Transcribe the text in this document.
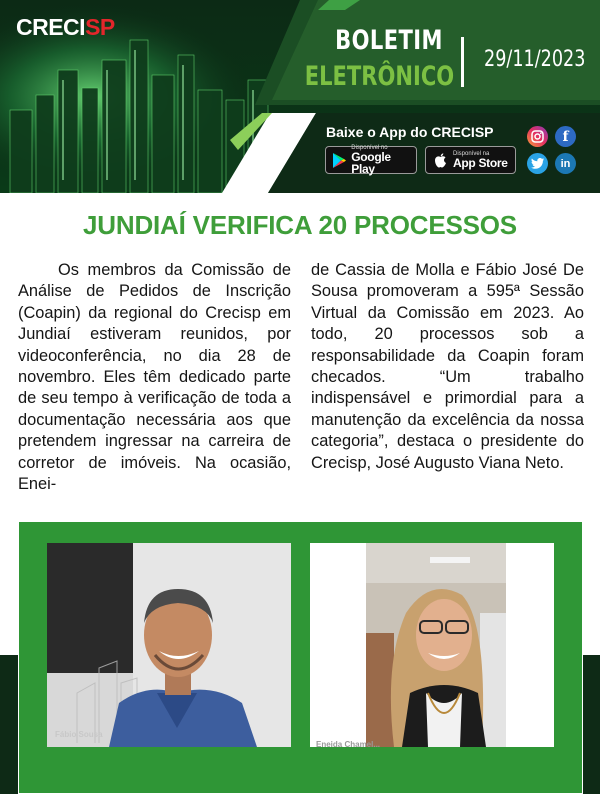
CRECISP	BOLETIM
ELETRÔNICO
29/11/2023
Baixe o App do CRECISP
Disponível no
Google Play
Disponível na
App Store
f
in
JUNDIAÍ VERIFICA 20 PROCESSOS

Os membros da Comissão de Análise de Pedidos de Inscrição (Coapin) da regional do Crecisp em Jundiaí estiveram reunidos, por videoconferência, no dia 28 de novembro. Eles têm dedicado parte de seu tempo à verificação de toda a documentação necessária aos que pretendem ingressar na carreira de corretor de imóveis. Na ocasião, Enei-

de Cassia de Molla e Fábio José De Sousa promoveram a 595ª Sessão Virtual da Comissão em 2023. Ao todo, 20 processos sob a responsabilidade da Coapin foram checados. “Um trabalho indispensável e primordial para a manutenção da excelência da nossa categoria”, destaca o presidente do Crecisp, José Augusto Viana Neto.

Fábio Sousa
Eneida Chamel...
